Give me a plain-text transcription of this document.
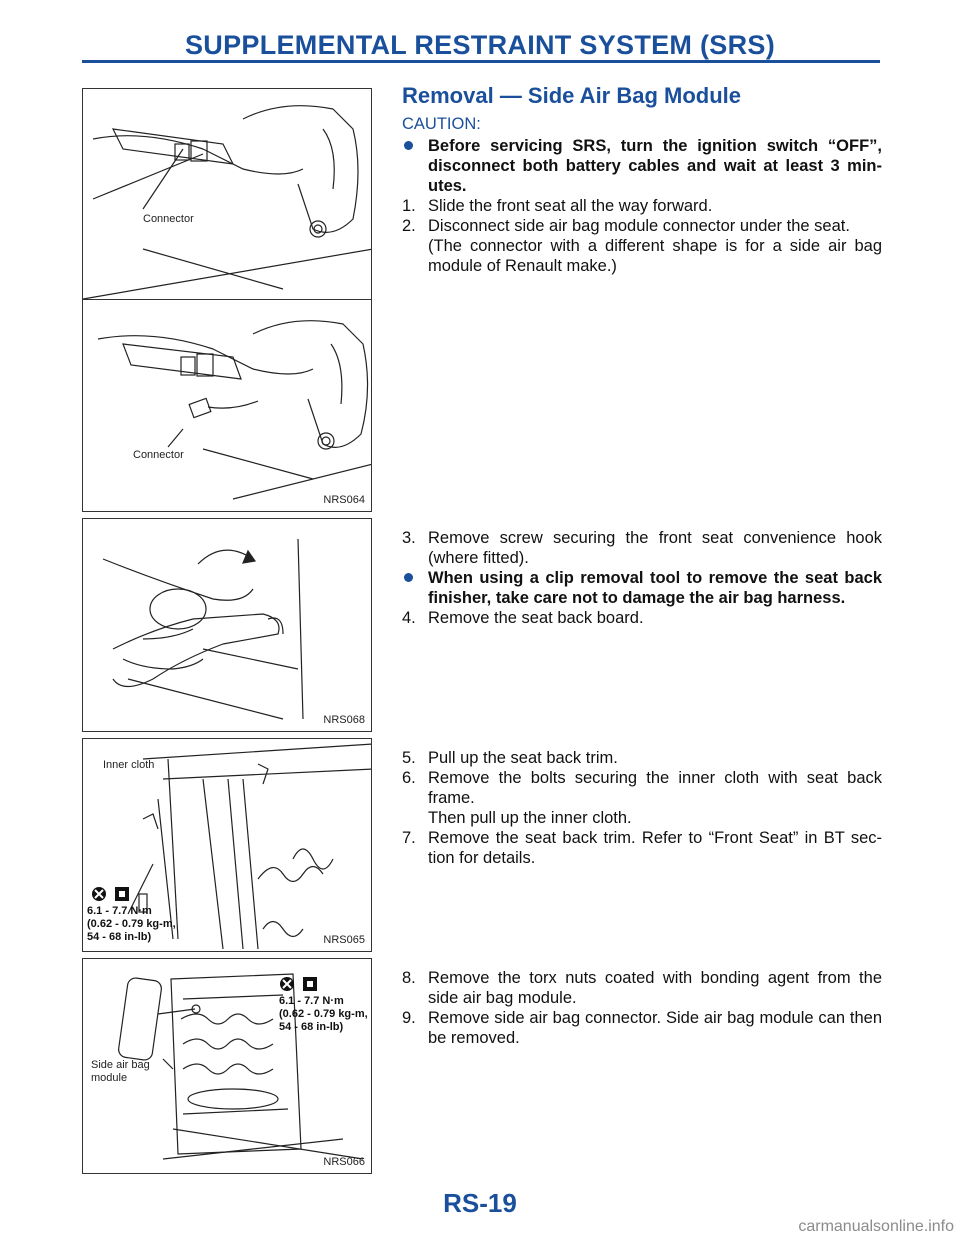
SUPPLEMENTAL RESTRAINT SYSTEM (SRS)
Connector
Connector
NRS064
NRS068
Inner cloth
6.1 - 7.7 N·m
(0.62 - 0.79 kg-m,
54 - 68 in-lb)	NRS065
6.1 - 7.7 N·m
(0.62 - 0.79 kg-m,
54 - 68 in-lb)
Side air bag
module
NRS066
Removal — Side Air Bag Module
CAUTION:
Before servicing SRS, turn the ignition switch “OFF”, disconnect both battery cables and wait at least 3 min-utes.
1. Slide the front seat all the way forward.
2. Disconnect side air bag module connector under the seat.
(The connector with a different shape is for a side air bag module of Renault make.)
3. Remove screw securing the front seat convenience hook (where fitted).
When using a clip removal tool to remove the seat back finisher, take care not to damage the air bag harness.
4. Remove the seat back board.
5. Pull up the seat back trim.
6. Remove the bolts securing the inner cloth with seat back frame.
Then pull up the inner cloth.
7. Remove the seat back trim. Refer to “Front Seat” in BT sec-tion for details.
8. Remove the torx nuts coated with bonding agent from the side air bag module.
9. Remove side air bag connector. Side air bag module can then be removed.
RS-19
carmanualsonline.info
